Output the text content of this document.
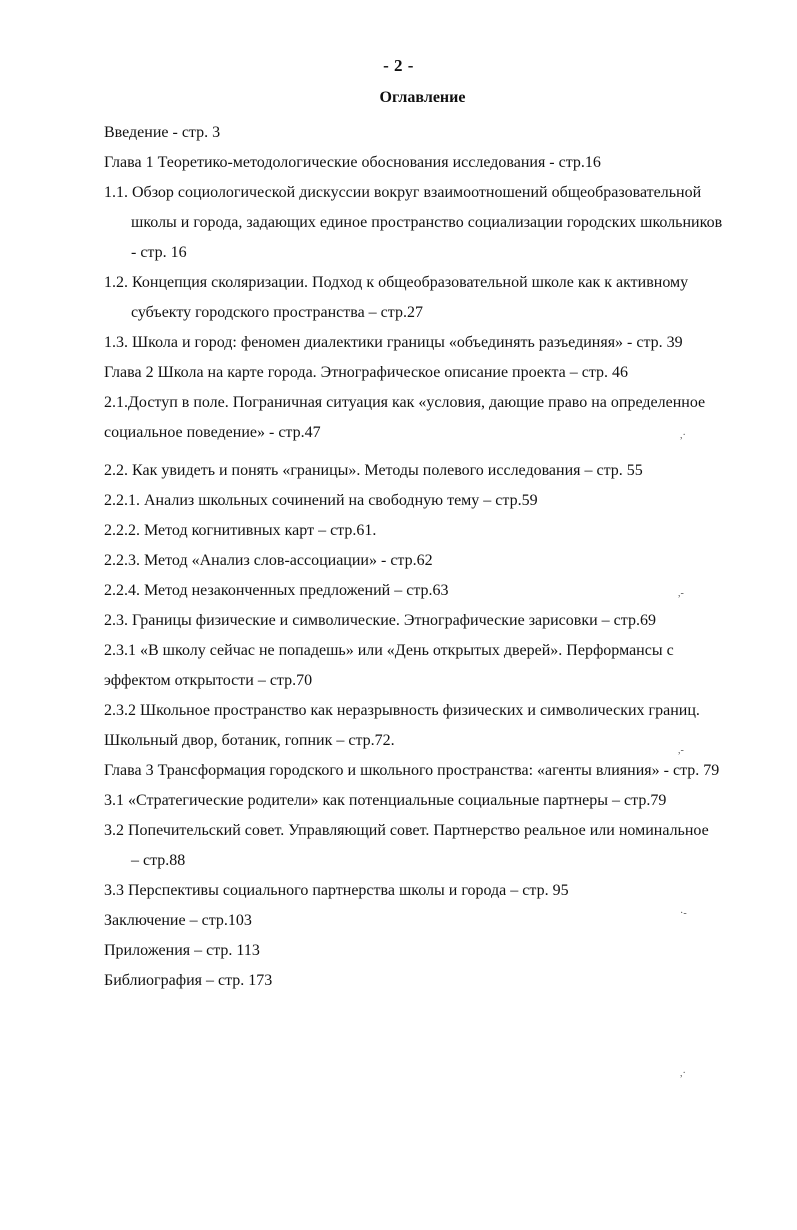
- 2 -
Оглавление
Введение - стр. 3
Глава 1 Теоретико-методологические обоснования исследования - стр.16
1.1. Обзор социологической дискуссии вокруг взаимоотношений общеобразовательной
школы и города, задающих единое пространство социализации городских школьников
- стр. 16
1.2. Концепция сколяризации. Подход к общеобразовательной школе как к активному
субъекту городского пространства – стр.27
1.3. Школа и город: феномен диалектики границы «объединять разъединяя» - стр. 39
Глава 2 Школа на карте города. Этнографическое описание проекта – стр. 46
2.1.Доступ в поле. Пограничная ситуация как «условия, дающие право на определенное
социальное поведение» - стр.47
2.2. Как увидеть и понять «границы». Методы полевого исследования – стр. 55
2.2.1. Анализ школьных сочинений на свободную тему – стр.59
2.2.2. Метод когнитивных карт – стр.61.
2.2.3. Метод «Анализ слов-ассоциации» - стр.62
2.2.4. Метод незаконченных предложений – стр.63
2.3. Границы физические и символические. Этнографические зарисовки – стр.69
2.3.1 «В школу сейчас не попадешь» или «День открытых дверей». Перформансы с
эффектом открытости – стр.70
2.3.2 Школьное пространство как неразрывность физических и символических границ.
Школьный двор, ботаник, гопник – стр.72.
Глава 3 Трансформация городского и школьного пространства: «агенты влияния» - стр. 79
3.1 «Стратегические родители» как потенциальные социальные партнеры – стр.79
3.2 Попечительский совет. Управляющий совет. Партнерство реальное или номинальное
– стр.88
3.3 Перспективы социального партнерства школы и города – стр. 95
Заключение – стр.103
Приложения – стр. 113
Библиография – стр. 173
,·
,-
,-
·-
,·
